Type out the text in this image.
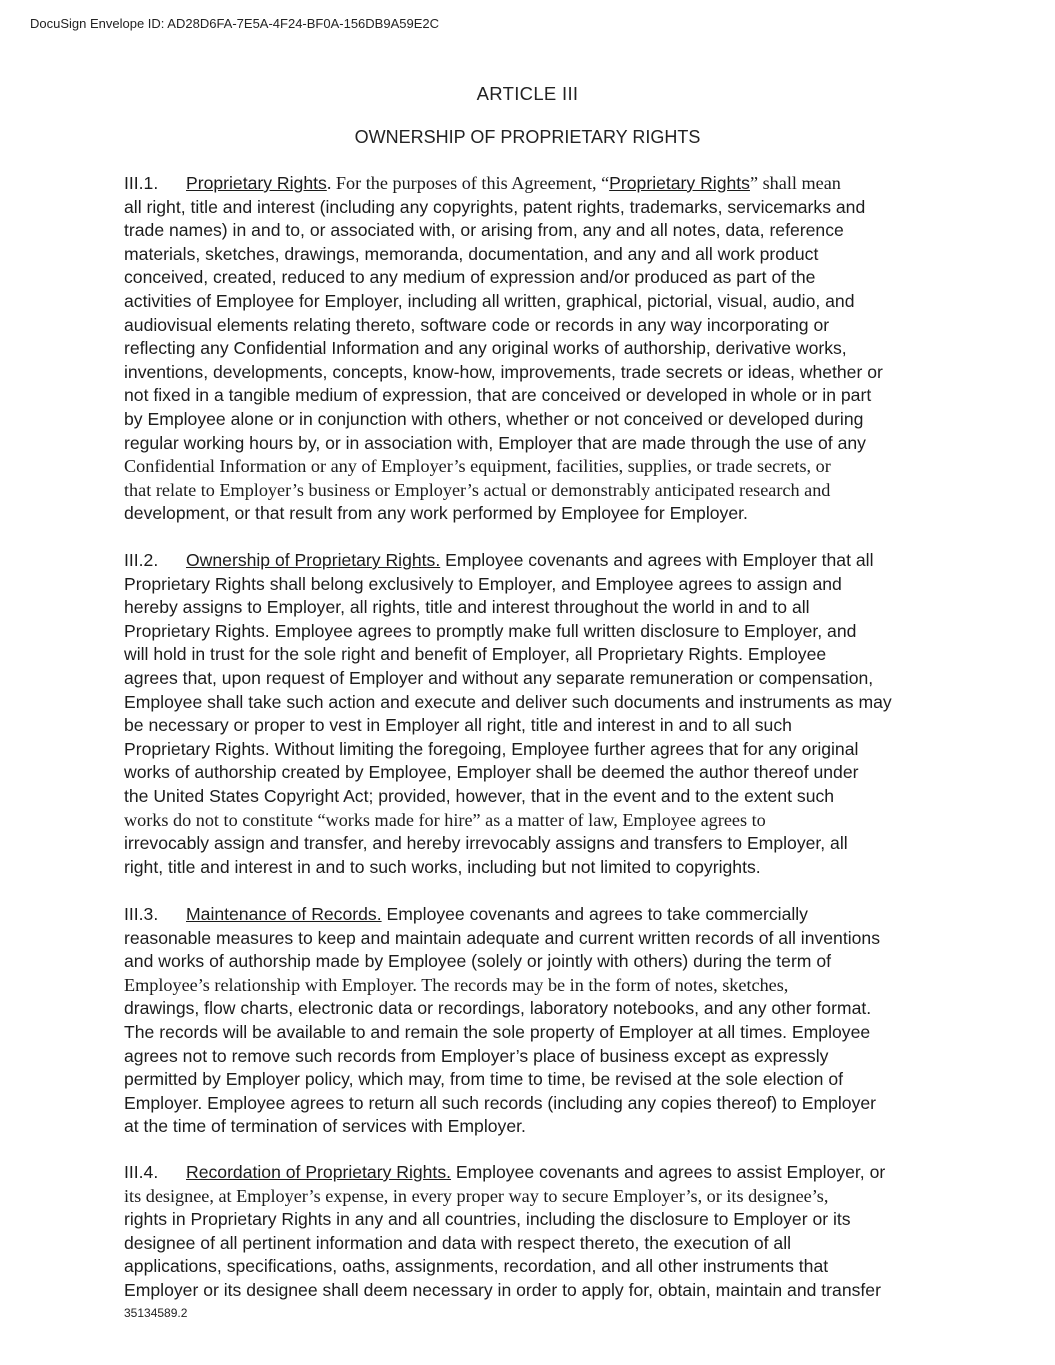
DocuSign Envelope ID: AD28D6FA-7E5A-4F24-BF0A-156DB9A59E2C
ARTICLE III
OWNERSHIP OF PROPRIETARY RIGHTS
III.1. Proprietary Rights. For the purposes of this Agreement, “Proprietary Rights” shall mean
all right, title and interest (including any copyrights, patent rights, trademarks, servicemarks and
trade names) in and to, or associated with, or arising from, any and all notes, data, reference
materials, sketches, drawings, memoranda, documentation, and any and all work product
conceived, created, reduced to any medium of expression and/or produced as part of the
activities of Employee for Employer, including all written, graphical, pictorial, visual, audio, and
audiovisual elements relating thereto, software code or records in any way incorporating or
reflecting any Confidential Information and any original works of authorship, derivative works,
inventions, developments, concepts, know-how, improvements, trade secrets or ideas, whether or
not fixed in a tangible medium of expression, that are conceived or developed in whole or in part
by Employee alone or in conjunction with others, whether or not conceived or developed during
regular working hours by, or in association with, Employer that are made through the use of any
Confidential Information or any of Employer’s equipment, facilities, supplies, or trade secrets, or
that relate to Employer’s business or Employer’s actual or demonstrably anticipated research and
development, or that result from any work performed by Employee for Employer.
III.2. Ownership of Proprietary Rights. Employee covenants and agrees with Employer that all
Proprietary Rights shall belong exclusively to Employer, and Employee agrees to assign and
hereby assigns to Employer, all rights, title and interest throughout the world in and to all
Proprietary Rights. Employee agrees to promptly make full written disclosure to Employer, and
will hold in trust for the sole right and benefit of Employer, all Proprietary Rights. Employee
agrees that, upon request of Employer and without any separate remuneration or compensation,
Employee shall take such action and execute and deliver such documents and instruments as may
be necessary or proper to vest in Employer all right, title and interest in and to all such
Proprietary Rights. Without limiting the foregoing, Employee further agrees that for any original
works of authorship created by Employee, Employer shall be deemed the author thereof under
the United States Copyright Act; provided, however, that in the event and to the extent such
works do not to constitute “works made for hire” as a matter of law, Employee agrees to
irrevocably assign and transfer, and hereby irrevocably assigns and transfers to Employer, all
right, title and interest in and to such works, including but not limited to copyrights.
III.3. Maintenance of Records. Employee covenants and agrees to take commercially
reasonable measures to keep and maintain adequate and current written records of all inventions
and works of authorship made by Employee (solely or jointly with others) during the term of
Employee’s relationship with Employer. The records may be in the form of notes, sketches,
drawings, flow charts, electronic data or recordings, laboratory notebooks, and any other format.
The records will be available to and remain the sole property of Employer at all times. Employee
agrees not to remove such records from Employer’s place of business except as expressly
permitted by Employer policy, which may, from time to time, be revised at the sole election of
Employer. Employee agrees to return all such records (including any copies thereof) to Employer
at the time of termination of services with Employer.
III.4. Recordation of Proprietary Rights. Employee covenants and agrees to assist Employer, or
its designee, at Employer’s expense, in every proper way to secure Employer’s, or its designee’s,
rights in Proprietary Rights in any and all countries, including the disclosure to Employer or its
designee of all pertinent information and data with respect thereto, the execution of all
applications, specifications, oaths, assignments, recordation, and all other instruments that
Employer or its designee shall deem necessary in order to apply for, obtain, maintain and transfer
35134589.2
